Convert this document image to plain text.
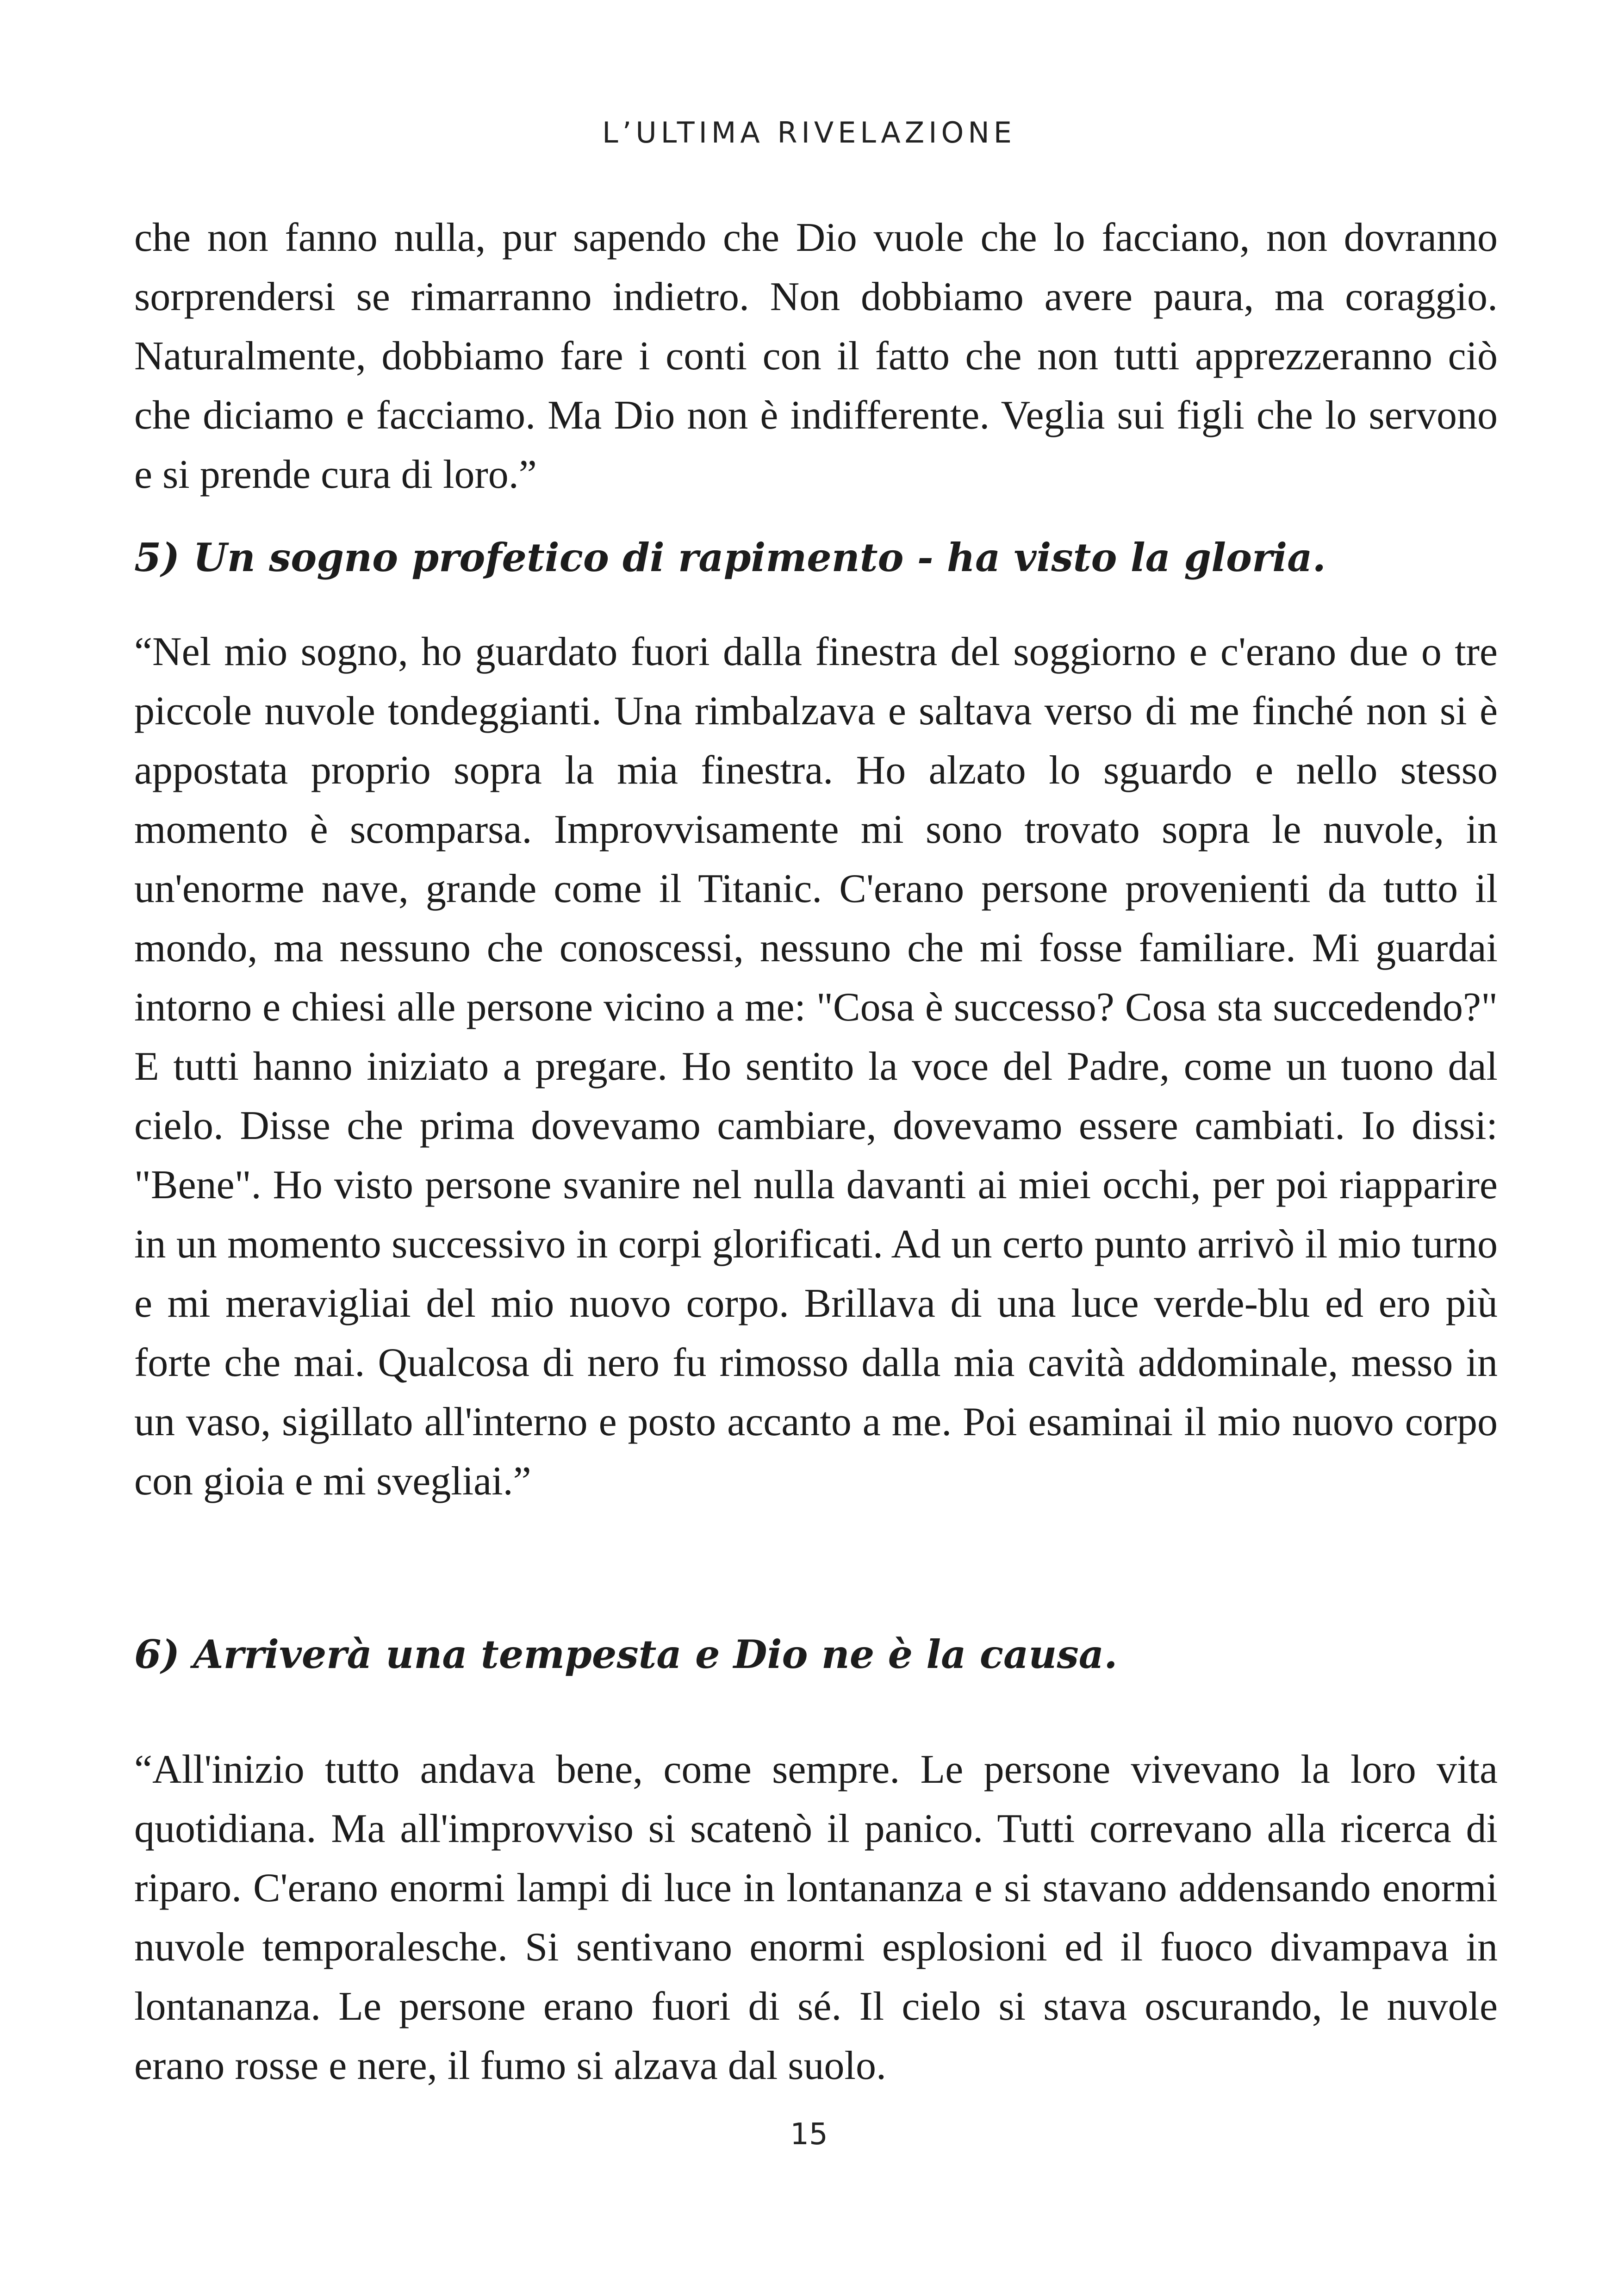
L’ULTIMA RIVELAZIONE

che non fanno nulla, pur sapendo che Dio vuole che lo facciano, non dovranno sorprendersi se rimarranno indietro. Non dobbiamo avere paura, ma coraggio. Naturalmente, dobbiamo fare i conti con il fatto che non tutti apprezzeranno ciò che diciamo e facciamo. Ma Dio non è indifferente. Veglia sui figli che lo servono e si prende cura di loro.”

5) Un sogno profetico di rapimento - ha visto la gloria.

“Nel mio sogno, ho guardato fuori dalla finestra del soggiorno e c'erano due o tre piccole nuvole tondeggianti. Una rimbalzava e saltava verso di me finché non si è appostata proprio sopra la mia finestra. Ho alzato lo sguardo e nello stesso momento è scomparsa. Improvvisamente mi sono trovato sopra le nuvole, in un'enorme nave, grande come il Titanic. C'erano persone provenienti da tutto il mondo, ma nessuno che conoscessi, nessuno che mi fosse familiare. Mi guardai intorno e chiesi alle persone vicino a me: "Cosa è successo? Cosa sta succedendo?" E tutti hanno iniziato a pregare. Ho sentito la voce del Padre, come un tuono dal cielo. Disse che prima dovevamo cambiare, dovevamo essere cambiati. Io dissi: "Bene". Ho visto persone svanire nel nulla davanti ai miei occhi, per poi riapparire in un momento successivo in corpi glorificati. Ad un certo punto arrivò il mio turno e mi meravigliai del mio nuovo corpo. Brillava di una luce verde-blu ed ero più forte che mai. Qualcosa di nero fu rimosso dalla mia cavità addominale, messo in un vaso, sigillato all'interno e posto accanto a me. Poi esaminai il mio nuovo corpo con gioia e mi svegliai.”

6) Arriverà una tempesta e Dio ne è la causa.

“All'inizio tutto andava bene, come sempre. Le persone vivevano la loro vita quotidiana. Ma all'improvviso si scatenò il panico. Tutti correvano alla ricerca di riparo. C'erano enormi lampi di luce in lontananza e si stavano addensando enormi nuvole temporalesche. Si sentivano enormi esplosioni ed il fuoco divampava in lontananza. Le persone erano fuori di sé. Il cielo si stava oscurando, le nuvole erano rosse e nere, il fumo si alzava dal suolo.

15
